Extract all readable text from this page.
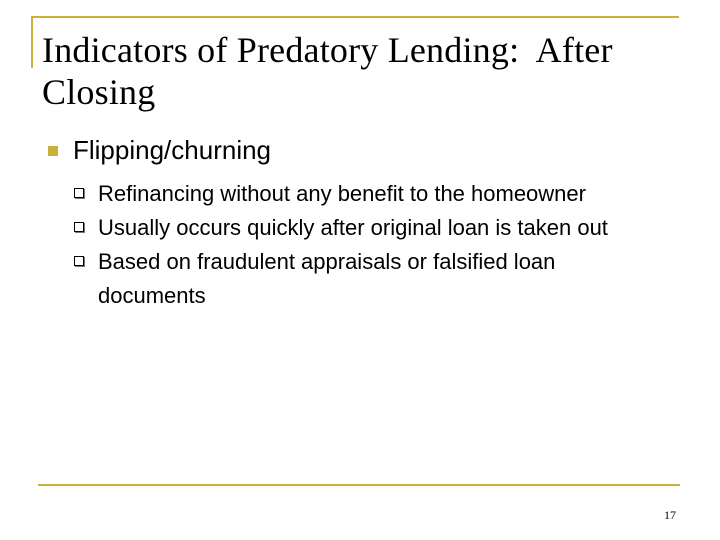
Indicators of Predatory Lending:  After
Closing
Flipping/churning
Refinancing without any benefit to the homeowner
Usually occurs quickly after original loan is taken out
Based on fraudulent appraisals or falsified loan documents
17
